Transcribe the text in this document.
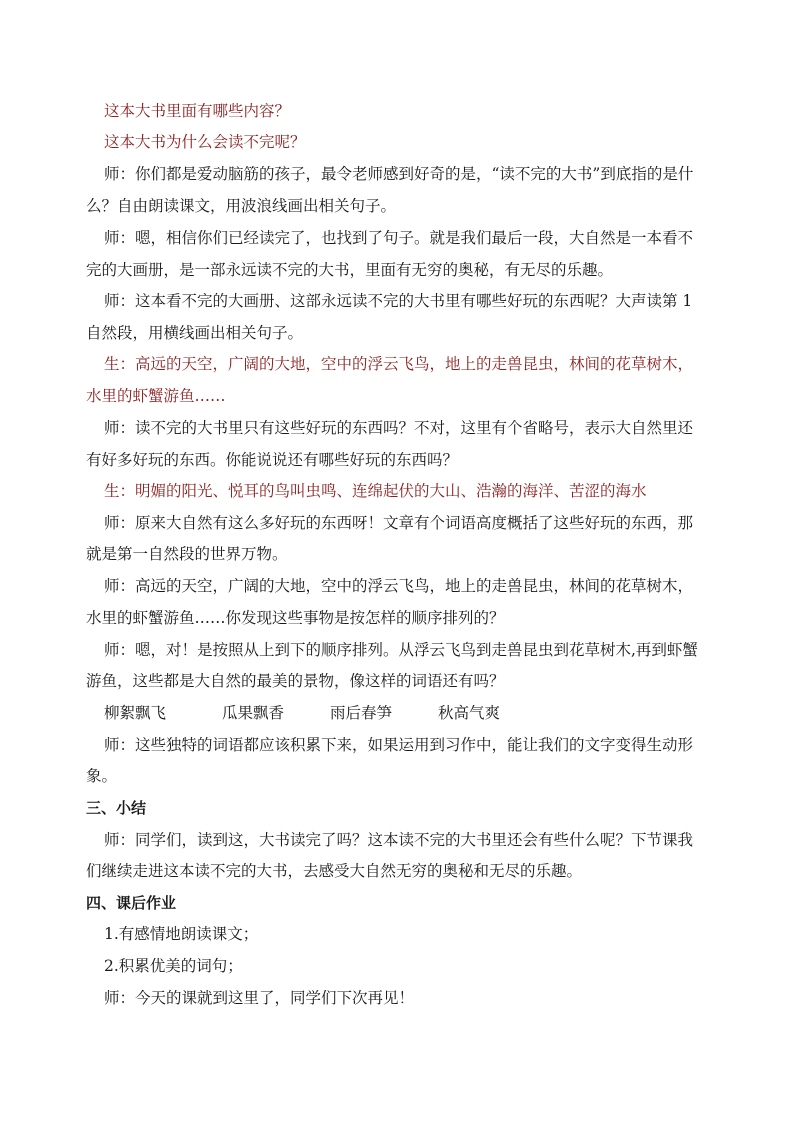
这本大书里面有哪些内容？
这本大书为什么会读不完呢？
师：你们都是爱动脑筋的孩子，最令老师感到好奇的是，“读不完的大书”到底指的是什
么？自由朗读课文，用波浪线画出相关句子。
师：嗯，相信你们已经读完了，也找到了句子。就是我们最后一段，大自然是一本看不
完的大画册，是一部永远读不完的大书，里面有无穷的奥秘，有无尽的乐趣。
师：这本看不完的大画册、这部永远读不完的大书里有哪些好玩的东西呢？大声读第 1
自然段，用横线画出相关句子。
生：高远的天空，广阔的大地，空中的浮云飞鸟，地上的走兽昆虫，林间的花草树木，
水里的虾蟹游鱼……
师：读不完的大书里只有这些好玩的东西吗？不对，这里有个省略号，表示大自然里还
有好多好玩的东西。你能说说还有哪些好玩的东西吗？
生：明媚的阳光、悦耳的鸟叫虫鸣、连绵起伏的大山、浩瀚的海洋、苦涩的海水
师：原来大自然有这么多好玩的东西呀！文章有个词语高度概括了这些好玩的东西，那
就是第一自然段的世界万物。
师：高远的天空，广阔的大地，空中的浮云飞鸟，地上的走兽昆虫，林间的花草树木，
水里的虾蟹游鱼……你发现这些事物是按怎样的顺序排列的？
师：嗯，对！是按照从上到下的顺序排列。从浮云飞鸟到走兽昆虫到花草树木,再到虾蟹
游鱼，这些都是大自然的最美的景物，像这样的词语还有吗？
柳絮飘飞	瓜果飘香	雨后春笋	秋高气爽
师：这些独特的词语都应该积累下来，如果运用到习作中，能让我们的文字变得生动形
象。
三、小结
师：同学们，读到这，大书读完了吗？这本读不完的大书里还会有些什么呢？下节课我
们继续走进这本读不完的大书，去感受大自然无穷的奥秘和无尽的乐趣。
四、课后作业
1.有感情地朗读课文；
2.积累优美的词句；
师：今天的课就到这里了，同学们下次再见！
